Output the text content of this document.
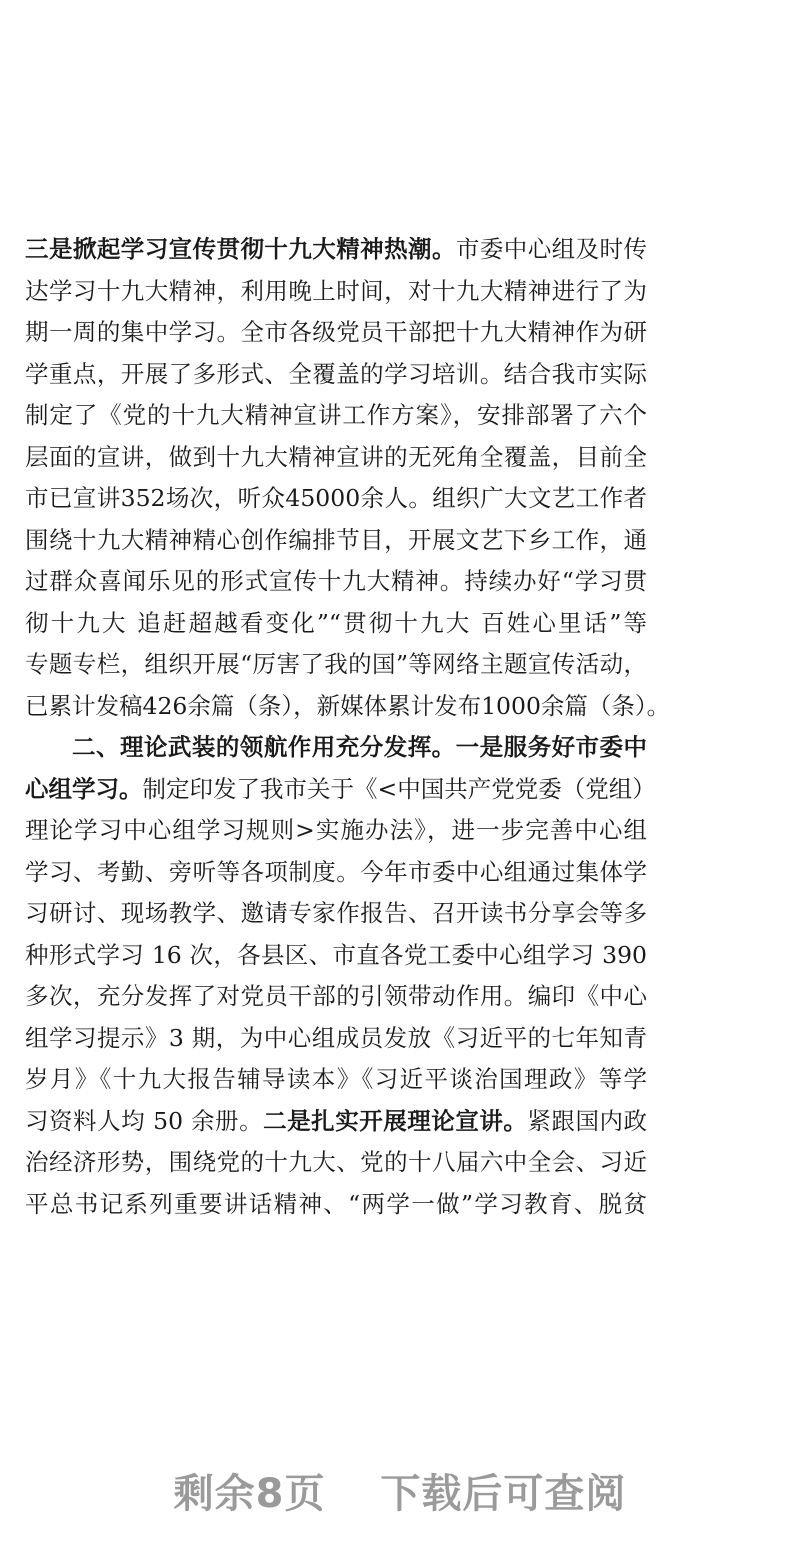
三是掀起学习宣传贯彻十九大精神热潮。市委中心组及时传
达学习十九大精神，利用晚上时间，对十九大精神进行了为
期一周的集中学习。全市各级党员干部把十九大精神作为研
学重点，开展了多形式、全覆盖的学习培训。结合我市实际
制定了《党的十九大精神宣讲工作方案》，安排部署了六个
层面的宣讲，做到十九大精神宣讲的无死角全覆盖，目前全
市已宣讲352场次，听众45000余人。组织广大文艺工作者
围绕十九大精神精心创作编排节目，开展文艺下乡工作，通
过群众喜闻乐见的形式宣传十九大精神。持续办好“学习贯
彻十九大 追赶超越看变化”“贯彻十九大 百姓心里话”等
专题专栏，组织开展“厉害了我的国”等网络主题宣传活动，
已累计发稿426余篇（条），新媒体累计发布1000余篇（条）。
二、理论武装的领航作用充分发挥。一是服务好市委中
心组学习。制定印发了我市关于《<中国共产党党委（党组）
理论学习中心组学习规则>实施办法》，进一步完善中心组
学习、考勤、旁听等各项制度。今年市委中心组通过集体学
习研讨、现场教学、邀请专家作报告、召开读书分享会等多
种形式学习 16 次，各县区、市直各党工委中心组学习 390
多次，充分发挥了对党员干部的引领带动作用。编印《中心
组学习提示》3 期，为中心组成员发放《习近平的七年知青
岁月》《十九大报告辅导读本》《习近平谈治国理政》等学
习资料人均 50 余册。二是扎实开展理论宣讲。紧跟国内政
治经济形势，围绕党的十九大、党的十八届六中全会、习近
平总书记系列重要讲话精神、“两学一做”学习教育、脱贫
剩余8页 下载后可查阅
